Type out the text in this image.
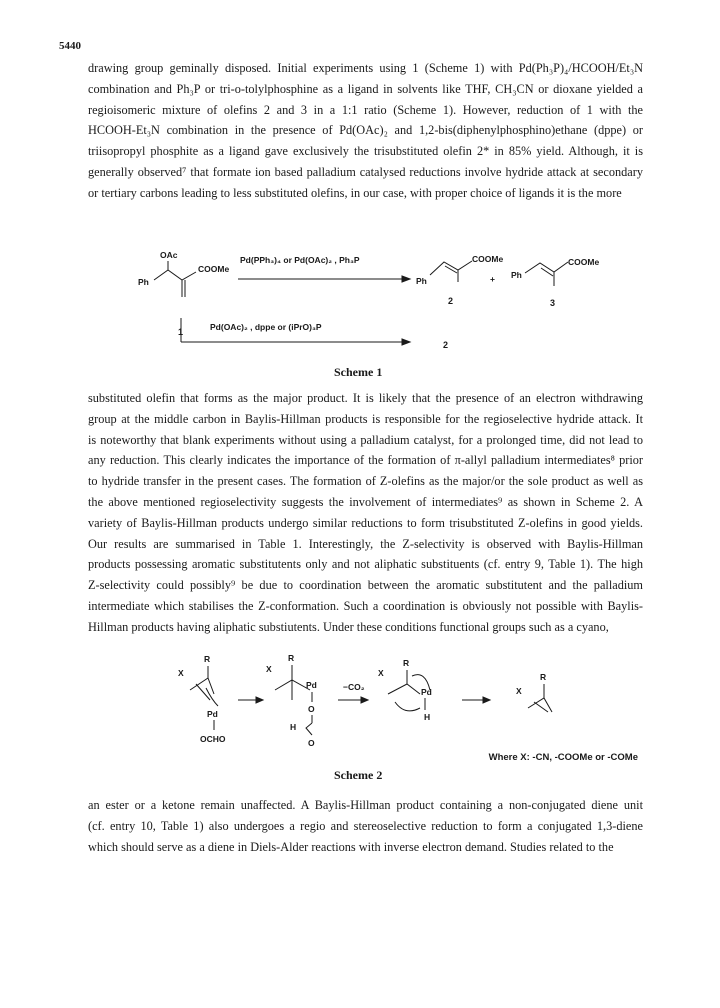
5440
drawing group geminally disposed. Initial experiments using 1 (Scheme 1) with Pd(Ph₃P)₄/HCOOH/Et₃N
combination and Ph₃P or tri-o-tolylphosphine as a ligand in solvents like THF, CH₃CN or dioxane yielded a
regioisomeric mixture of olefins 2 and 3 in a 1:1 ratio (Scheme 1). However, reduction of 1 with the
HCOOH-Et₃N combination in the presence of Pd(OAc)₂ and 1,2-bis(diphenylphosphino)ethane (dppe) or
triisopropyl phosphite as a ligand gave exclusively the trisubstituted olefin 2* in 85% yield. Although, it is
generally observed⁷ that formate ion based palladium catalysed reductions involve hydride attack at secondary
or tertiary carbons leading to less substituted olefins, in our case, with proper choice of ligands it is the more
OAc
COOMe
Ph
1
Pd(PPh₃)₄ or Pd(OAc)₂ , Ph₃P	COOMe
Ph
2
+
COOMe
Ph
3
Pd(OAc)₂ , dppe or (iPrO)₃P
2
Scheme 1
substituted olefin that forms as the major product. It is likely that the presence of an electron withdrawing
group at the middle carbon in Baylis-Hillman products is responsible for the regioselective hydride attack. It
is noteworthy that blank experiments without using a palladium catalyst, for a prolonged time, did not lead to
any reduction. This clearly indicates the importance of the formation of π-allyl palladium intermediates⁸ prior
to hydride transfer in the present cases. The formation of Z-olefins as the major/or the sole product as well as
the above mentioned regioselectivity suggests the involvement of intermediates⁹ as shown in Scheme 2. A
variety of Baylis-Hillman products undergo similar reductions to form trisubstituted Z-olefins in good yields.
Our results are summarised in Table 1. Interestingly, the Z-selectivity is observed with Baylis-Hillman
products possessing aromatic substitutents only and not aliphatic substituents (cf. entry 9, Table 1). The high
Z-selectivity could possibly⁹ be due to coordination between the aromatic substitutent and the palladium
intermediate which stabilises the Z-conformation. Such a coordination is obviously not possible with Baylis-
Hillman products having aliphatic substiutents. Under these conditions functional groups such as a cyano,
R
X
Pd
OCHO
R
X
Pd
O
H
O
−CO₂
R
X
Pd
H
R
X
Where X: -CN, -COOMe or -COMe
Scheme 2
an ester or a ketone remain unaffected. A Baylis-Hillman product containing a non-conjugated diene unit
(cf. entry 10, Table 1) also undergoes a regio and stereoselective reduction to form a conjugated 1,3-diene
which should serve as a diene in Diels-Alder reactions with inverse electron demand. Studies related to the
